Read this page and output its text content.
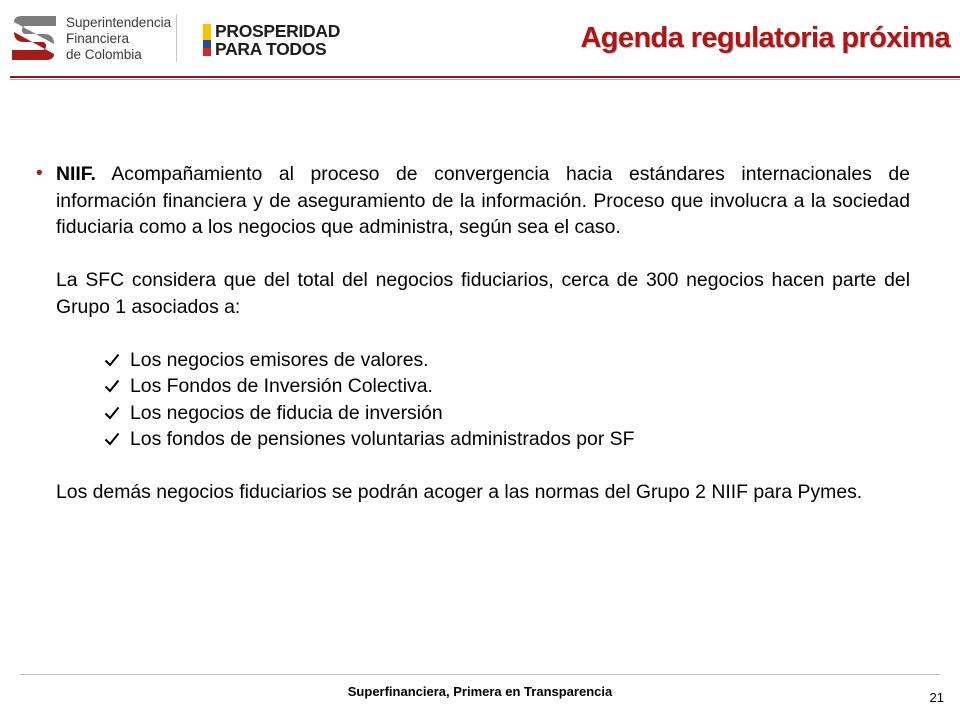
Superintendencia
Financiera
de Colombia
PROSPERIDAD
PARA TODOS	Agenda regulatoria próxima

• NIIF. Acompañamiento al proceso de convergencia hacia estándares internacionales de información financiera y de aseguramiento de la información. Proceso que involucra a la sociedad fiduciaria como a los negocios que administra, según sea el caso.

La SFC considera que del total del negocios fiduciarios, cerca de 300 negocios hacen parte del Grupo 1 asociados a:

Los negocios emisores de valores.
Los Fondos de Inversión Colectiva.
Los negocios de fiducia de inversión
Los fondos de pensiones voluntarias administrados por SF

Los demás negocios fiduciarios se podrán acoger a las normas del Grupo 2 NIIF para Pymes.

Superfinanciera, Primera en Transparencia	21
